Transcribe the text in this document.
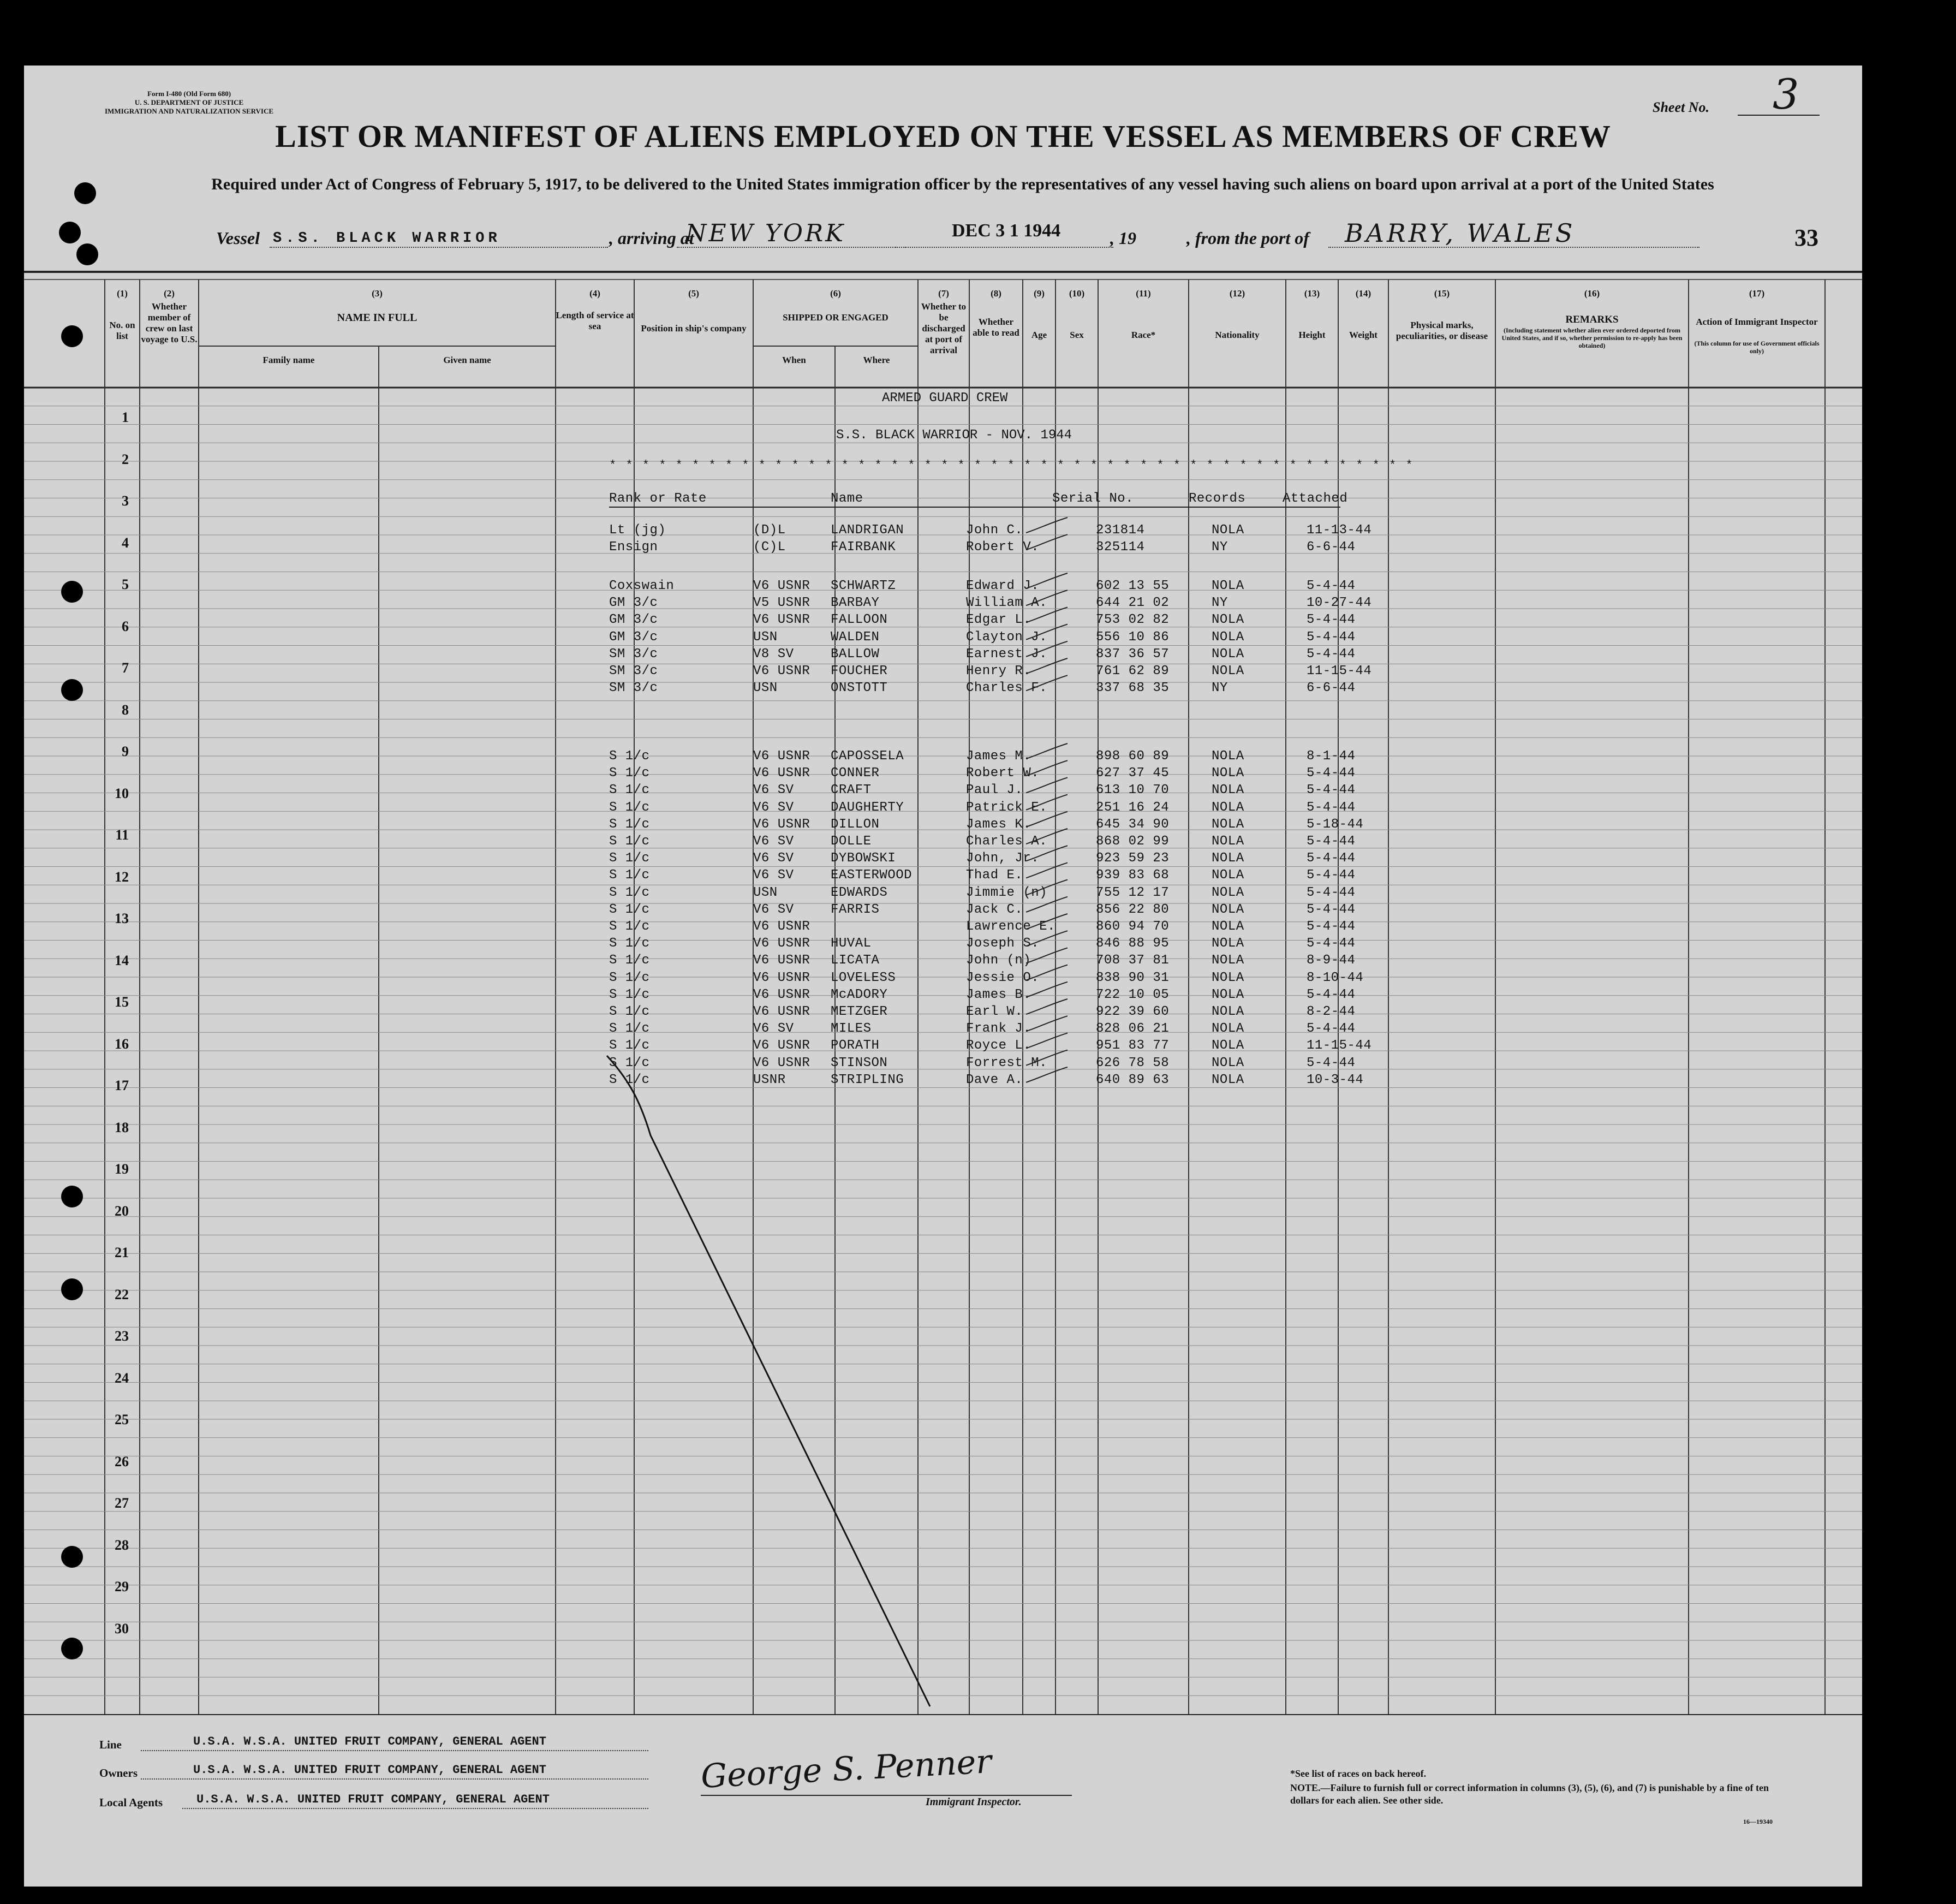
Form I-480 (Old Form 680)
U. S. DEPARTMENT OF JUSTICE
IMMIGRATION AND NATURALIZATION SERVICE	Sheet No. 3
LIST OR MANIFEST OF ALIENS EMPLOYED ON THE VESSEL AS MEMBERS OF CREW
Required under Act of Congress of February 5, 1917, to be delivered to the United States immigration officer by the representatives of any vessel having such aliens on board upon arrival at a port of the United States
Vessel S.S. BLACK WARRIOR	, arriving at
NEW YORK	DEC 3 1 1944	, 19	, from the port of BARRY, WALES	33
(1)
No. on list
(2)
Whether member of crew on last voyage to U.S.
(3)
NAME IN FULL
Family name	Given name
(4)
Length of service at sea
(5)
Position in ship's company
(6)
SHIPPED OR ENGAGED
When	Where
(7)
Whether to be discharged at port of arrival
(8)
Whether able to read
(9)
Age
(10)
Sex
(11)
Race*
(12)
Nationality
(13)
Height
(14)
Weight
(15)
Physical marks, peculiarities, or disease
(16)
REMARKS
(Including statement whether alien ever ordered deported from United States, and if so, whether permission to re-apply has been obtained)
(17)
Action of Immigrant Inspector
(This column for use of Government officials only)
1
2
3
4
5
6
7
8
9
10
11
12
13
14
15
16
17
18
19
20
21
22
23
24
25
26
27
28
29
30
ARMED GUARD CREW
S.S. BLACK WARRIOR - NOV. 1944
* * * * * * * * * * * * * * * * * * * * * * * * * * * * * * * * * * * * * * * * * * * * * * * * *
Rank or Rate	Name	Serial No.	Records	Attached
Lt (jg)	(D)L	LANDRIGAN	John C.	231814	NOLA	11-13-44
Ensign	(C)L	FAIRBANK	Robert V.	325114	NY	6-6-44
Coxswain	V6 USNR SCHWARTZ	Edward J.	602 13 55	NOLA	5-4-44
GM 3/c	V5 USNR BARBAY	William A.	644 21 02	NY	10-27-44
GM 3/c	V6 USNR FALLOON	Edgar L.	753 02 82	NOLA	5-4-44
GM 3/c	USN	WALDEN	Clayton J.	556 10 86	NOLA	5-4-44
SM 3/c	V8 SV	BALLOW	Earnest J.	837 36 57	NOLA	5-4-44
SM 3/c	V6 USNR FOUCHER	Henry R.	761 62 89	NOLA	11-15-44
SM 3/c	USN	ONSTOTT	Charles F.	337 68 35	NY	6-6-44
S 1/c	V6 USNR CAPOSSELA	James M.	898 60 89	NOLA	8-1-44
S 1/c	V6 USNR CONNER	Robert W.	627 37 45	NOLA	5-4-44
S 1/c	V6 SV	CRAFT	Paul J.	613 10 70	NOLA	5-4-44
S 1/c	V6 SV	DAUGHERTY	Patrick E.	251 16 24	NOLA	5-4-44
S 1/c	V6 USNR DILLON	James K.	645 34 90	NOLA	5-18-44
S 1/c	V6 SV	DOLLE	Charles A.	868 02 99	NOLA	5-4-44
S 1/c	V6 SV	DYBOWSKI	John, Jr.	923 59 23	NOLA	5-4-44
S 1/c	V6 SV	EASTERWOOD	Thad E.	939 83 68	NOLA	5-4-44
S 1/c	USN	EDWARDS	Jimmie (n)	755 12 17	NOLA	5-4-44
S 1/c	V6 SV	FARRIS	Jack C.	856 22 80	NOLA	5-4-44
S 1/c	V6 USNR	Lawrence E.	860 94 70	NOLA	5-4-44
S 1/c	V6 USNR HUVAL	Joseph S.	846 88 95	NOLA	5-4-44
S 1/c	V6 USNR LICATA	John (n)	708 37 81	NOLA	8-9-44
S 1/c	V6 USNR LOVELESS	Jessie O.	838 90 31	NOLA	8-10-44
S 1/c	V6 USNR McADORY	James B.	722 10 05	NOLA	5-4-44
S 1/c	V6 USNR METZGER	Earl W.	922 39 60	NOLA	8-2-44
S 1/c	V6 SV	MILES	Frank J.	828 06 21	NOLA	5-4-44
S 1/c	V6 USNR PORATH	Royce L.	951 83 77	NOLA	11-15-44
S 1/c	V6 USNR STINSON	Forrest M.	626 78 58	NOLA	5-4-44
S 1/c	USNR	STRIPLING	Dave A.	640 89 63	NOLA	10-3-44
Line	U.S.A. W.S.A. UNITED FRUIT COMPANY, GENERAL AGENT
Owners	U.S.A. W.S.A. UNITED FRUIT COMPANY, GENERAL AGENT
Local Agents	U.S.A. W.S.A. UNITED FRUIT COMPANY, GENERAL AGENT
George S. Penner
Immigrant Inspector.
*See list of races on back hereof.
NOTE.—Failure to furnish full or correct information in columns (3), (5), (6), and (7) is punishable by a fine of ten dollars for each alien. See other side.
16—19340
